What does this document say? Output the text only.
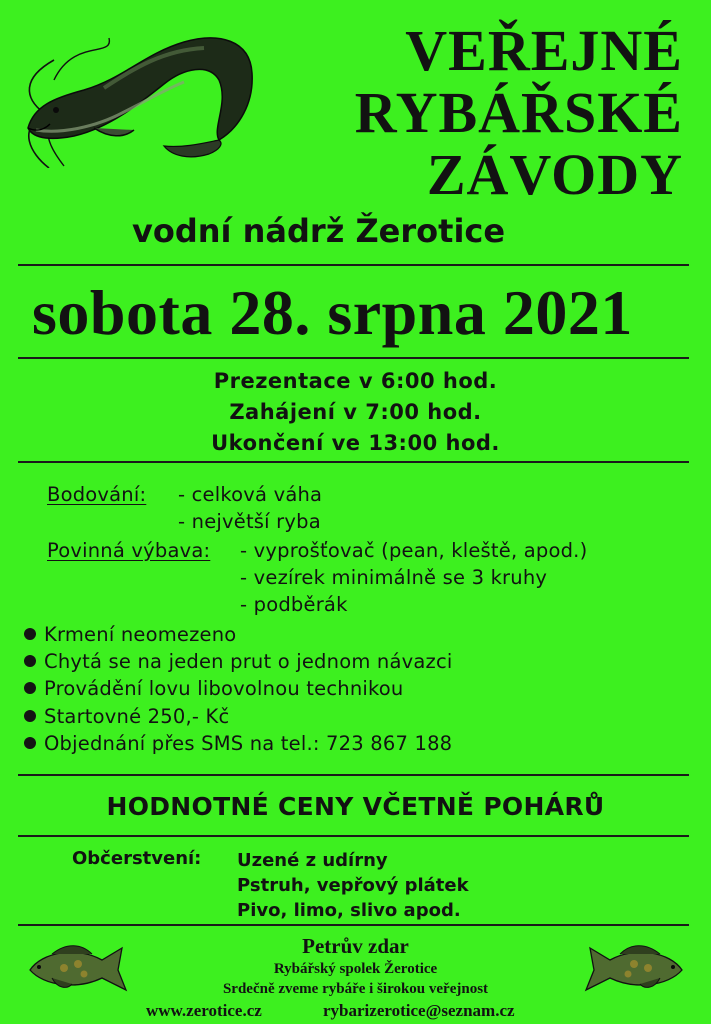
VEŘEJNÉ
RYBÁŘSKÉ
ZÁVODY
vodní nádrž Žerotice
sobota 28. srpna 2021
Prezentace v 6:00 hod.
Zahájení v 7:00 hod.
Ukončení ve 13:00 hod.
Bodování: - celková váha
- největší ryba
Povinná výbava: - vyprošťovač (pean, kleště, apod.)
- vezírek minimálně se 3 kruhy
- podběrák
Krmení neomezeno
Chytá se na jeden prut o jednom návazci
Provádění lovu libovolnou technikou
Startovné 250,- Kč
Objednání přes SMS na tel.: 723 867 188
HODNOTNÉ CENY VČETNĚ POHÁRŮ
Občerstvení: Uzené z udírny
Pstruh, vepřový plátek
Pivo, limo, slivo apod.
Petrův zdar
Rybářský spolek Žerotice
Srdečně zveme rybáře i širokou veřejnost
www.zerotice.cz	rybarizerotice@seznam.cz
